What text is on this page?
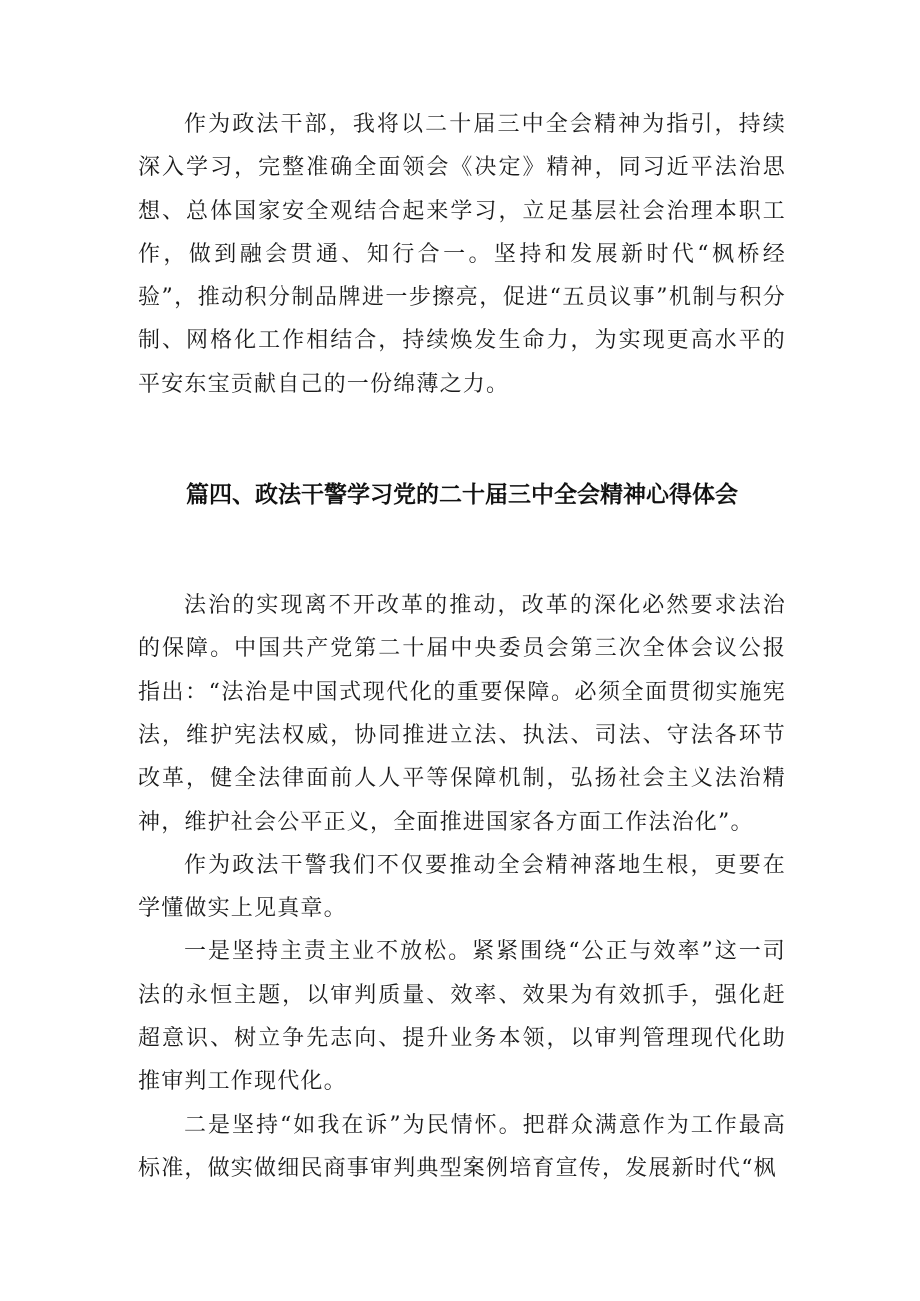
作为政法干部，我将以二十届三中全会精神为指引，持续深入学习，完整准确全面领会《决定》精神，同习近平法治思想、总体国家安全观结合起来学习，立足基层社会治理本职工作，做到融会贯通、知行合一。坚持和发展新时代“枫桥经验”，推动积分制品牌进一步擦亮，促进“五员议事”机制与积分制、网格化工作相结合，持续焕发生命力，为实现更高水平的平安东宝贡献自己的一份绵薄之力。

篇四、政法干警学习党的二十届三中全会精神心得体会

法治的实现离不开改革的推动，改革的深化必然要求法治的保障。中国共产党第二十届中央委员会第三次全体会议公报指出：“法治是中国式现代化的重要保障。必须全面贯彻实施宪法，维护宪法权威，协同推进立法、执法、司法、守法各环节改革，健全法律面前人人平等保障机制，弘扬社会主义法治精神，维护社会公平正义，全面推进国家各方面工作法治化”。

作为政法干警我们不仅要推动全会精神落地生根，更要在学懂做实上见真章。

一是坚持主责主业不放松。紧紧围绕“公正与效率”这一司法的永恒主题，以审判质量、效率、效果为有效抓手，强化赶超意识、树立争先志向、提升业务本领，以审判管理现代化助推审判工作现代化。

二是坚持“如我在诉”为民情怀。把群众满意作为工作最高标准，做实做细民商事审判典型案例培育宣传，发展新时代“枫
